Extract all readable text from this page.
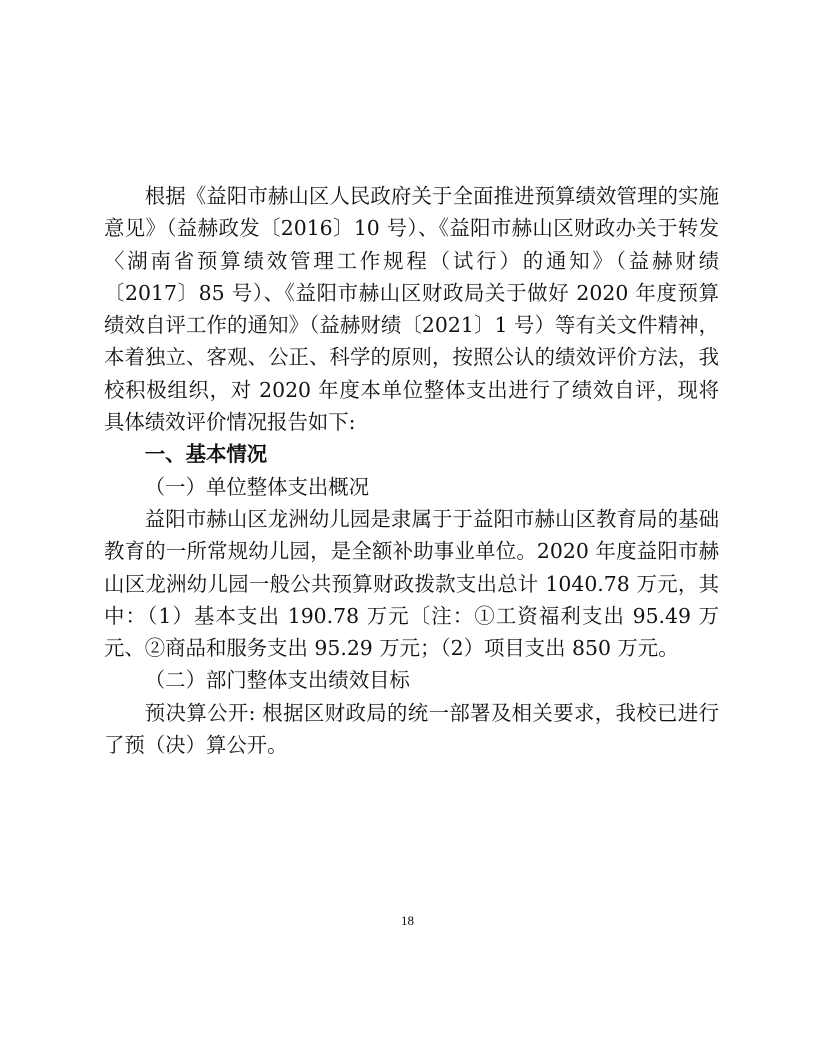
根据《益阳市赫山区人民政府关于全面推进预算绩效管理的实施意见》（益赫政发〔2016〕10 号）、《益阳市赫山区财政办关于转发〈湖南省预算绩效管理工作规程（试行）的通知》（益赫财绩〔2017〕85 号）、《益阳市赫山区财政局关于做好 2020 年度预算绩效自评工作的通知》（益赫财绩〔2021〕1 号）等有关文件精神，本着独立、客观、公正、科学的原则，按照公认的绩效评价方法，我校积极组织，对 2020 年度本单位整体支出进行了绩效自评，现将具体绩效评价情况报告如下:

一、基本情况

（一）单位整体支出概况

益阳市赫山区龙洲幼儿园是隶属于于益阳市赫山区教育局的基础教育的一所常规幼儿园，是全额补助事业单位。2020 年度益阳市赫山区龙洲幼儿园一般公共预算财政拨款支出总计 1040.78 万元，其中：（1）基本支出 190.78 万元〔注：①工资福利支出 95.49 万元、②商品和服务支出 95.29 万元；（2）项目支出 850 万元。

（二）部门整体支出绩效目标

预决算公开: 根据区财政局的统一部署及相关要求，我校已进行了预（决）算公开。

18
